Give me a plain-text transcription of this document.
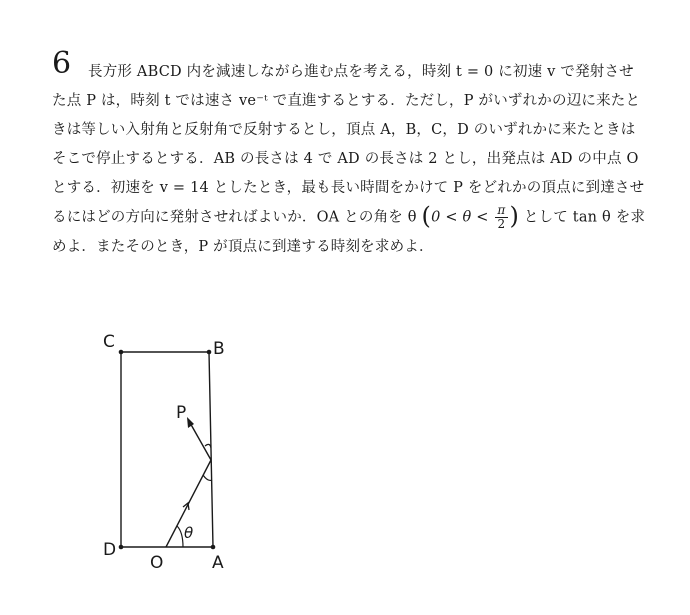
6	長方形 ABCD 内を減速しながら進む点を考える，時刻 t = 0 に初速 v で発射させ
た点 P は，時刻 t では速さ ve⁻ᵗ で直進するとする．ただし，P がいずれかの辺に来たと
きは等しい入射角と反射角で反射するとし，頂点 A，B，C，D のいずれかに来たときは
そこで停止するとする．AB の長さは 4 で AD の長さは 2 とし，出発点は AD の中点 O
とする．初速を v = 14 としたとき，最も長い時間をかけて P をどれかの頂点に到達させ
るにはどの方向に発射させればよいか．OA との角を θ ($0 < \theta < \frac{\pi}{2}$ ) として tan θ を求
めよ．またそのとき，P が頂点に到達する時刻を求めよ．
C	B
D
O	A
P
θ
